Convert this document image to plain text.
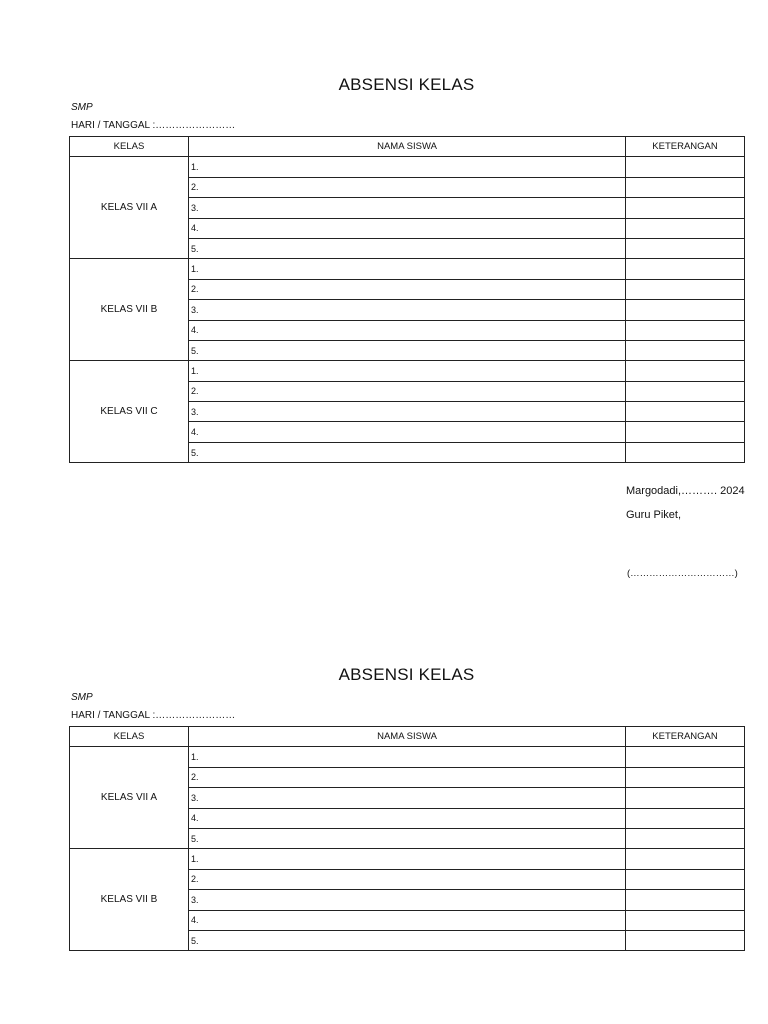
ABSENSI KELAS
SMP
HARI / TANGGAL :……………………
KELAS	NAMA SISWA	KETERANGAN
KELAS VII A	1.	
	2.	
	3.	
	4.	
	5.	
KELAS VII B	1.	
	2.	
	3.	
	4.	
	5.	
KELAS VII C	1.	
	2.	
	3.	
	4.	
	5.	
Margodadi,………. 2024
Guru Piket,
(……………………………)
ABSENSI KELAS
SMP
HARI / TANGGAL :……………………
KELAS	NAMA SISWA	KETERANGAN
KELAS VII A	1.	
	2.	
	3.	
	4.	
	5.	
KELAS VII B	1.	
	2.	
	3.	
	4.	
	5.	
